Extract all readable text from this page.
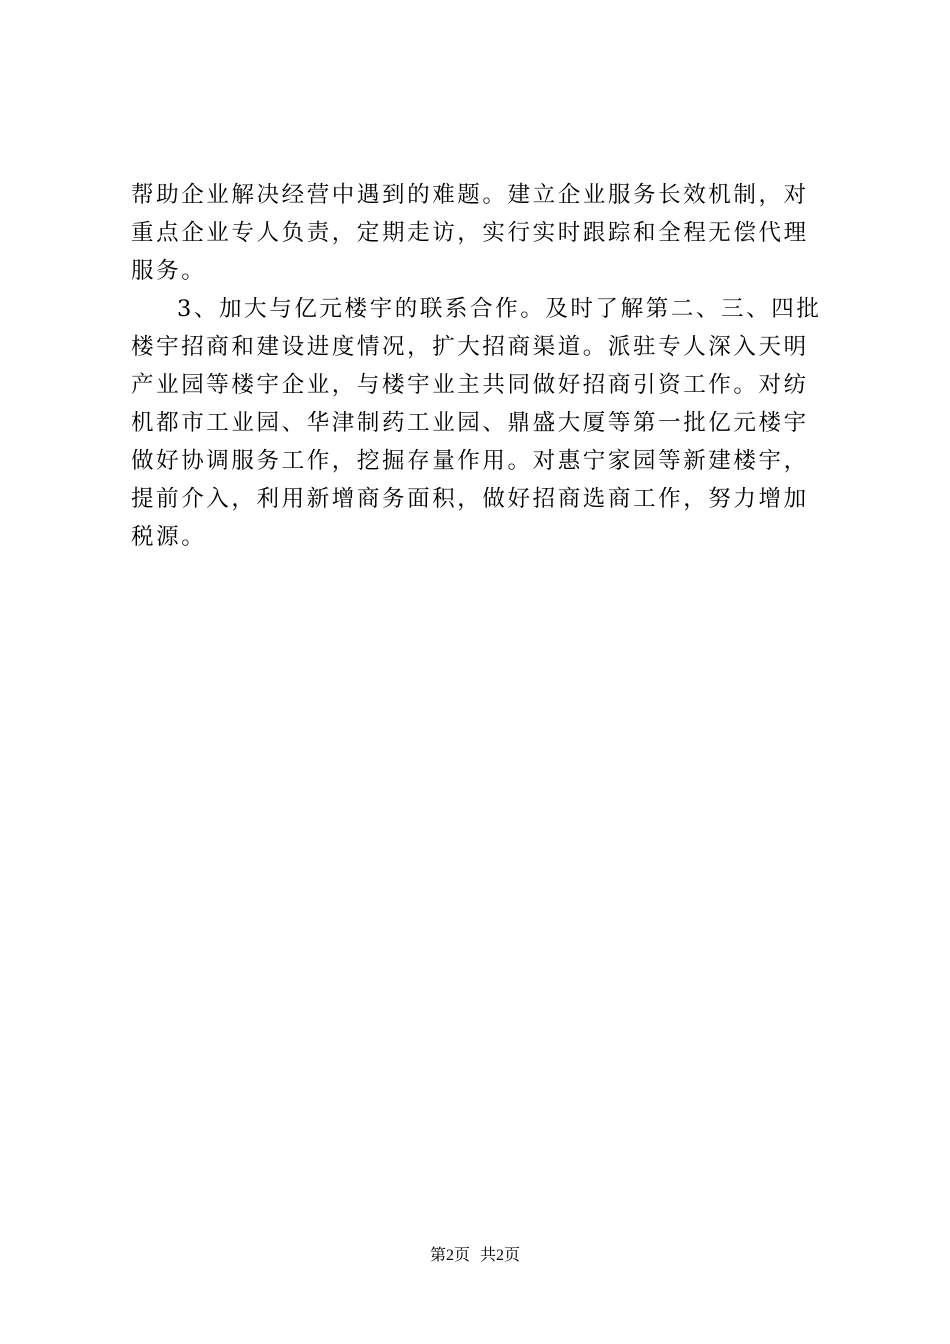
帮助企业解决经营中遇到的难题。建立企业服务长效机制，对
重点企业专人负责，定期走访，实行实时跟踪和全程无偿代理
服务。
3、加大与亿元楼宇的联系合作。及时了解第二、三、四批
楼宇招商和建设进度情况，扩大招商渠道。派驻专人深入天明
产业园等楼宇企业，与楼宇业主共同做好招商引资工作。对纺
机都市工业园、华津制药工业园、鼎盛大厦等第一批亿元楼宇
做好协调服务工作，挖掘存量作用。对惠宁家园等新建楼宇，
提前介入，利用新增商务面积，做好招商选商工作，努力增加
税源。
第2页 共2页
